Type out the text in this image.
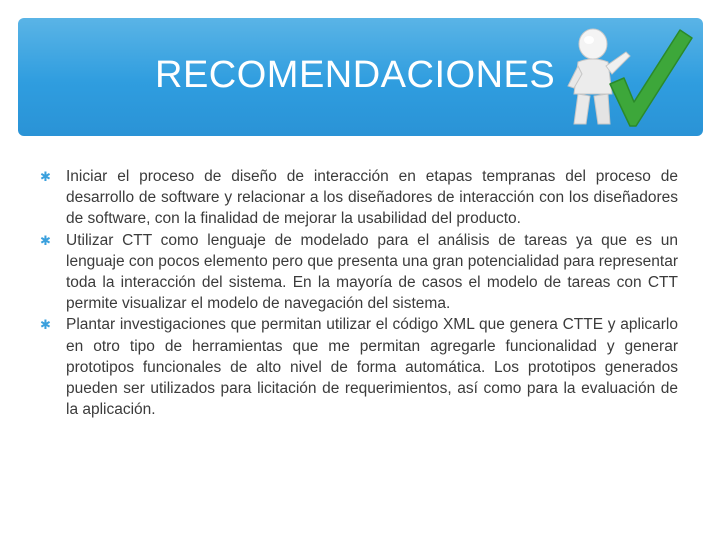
RECOMENDACIONES
✱ Iniciar el proceso de diseño de interacción en etapas tempranas del proceso de desarrollo de software y relacionar a los diseñadores de interacción con los diseñadores de software, con la finalidad de mejorar la usabilidad del producto.
✱ Utilizar CTT como lenguaje de modelado para el análisis de tareas ya que es un lenguaje con pocos elemento pero que presenta una gran potencialidad para representar toda la interacción del sistema. En la mayoría de casos el modelo de tareas con CTT permite visualizar el modelo de navegación del sistema.
✱ Plantar investigaciones que permitan utilizar el código XML que genera CTTE y aplicarlo en otro tipo de herramientas que me permitan agregarle funcionalidad y generar prototipos funcionales de alto nivel de forma automática. Los prototipos generados pueden ser utilizados para licitación de requerimientos, así como para la evaluación de la aplicación.
